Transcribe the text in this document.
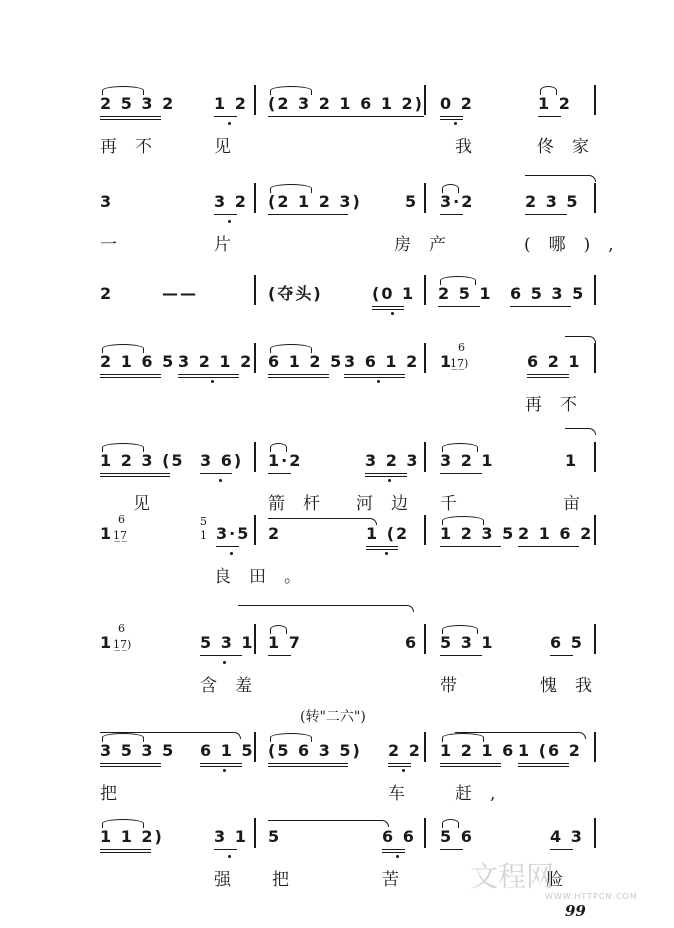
2 5 3 2 1 2 (2 3 2 1 6 1 2) 0 2	1 2
再不	见	我	佟家
3	3 2 (2 1 2 3)	5 3·2	2 3 5
一	片	房产	(哪),
2	——	(夺头)	(0 1 2 5 1 6 5 3 5
2 1 6 5 3 2 1 2 6 1 2 5 3 6 1 2 1	6 2 1
6
1̲7̲)
再不
1 2 3 (5 3 6) 1·2	3 2 3 3 2 1	1
见	箭杆 河边 千	亩
1	3·5 2	1 (2 1 2 3 5 2 1 6 2
6
1̲7̲
5
1
良田。
1	5 3 1 1 7	6 5 3 1	6 5
6
1̲7̲)
含羞	带	愧我
3 5 3 5 6 1 5 (5 6 3 5) 2 2 1 2 1 6 1 (6 2
把	车 赶,
1 1 2)	3 1 5	6 6 5 6	4 3
强 把	苦	脸
(转"二六")
文程网
WWW.HTTPCN.COM
99
